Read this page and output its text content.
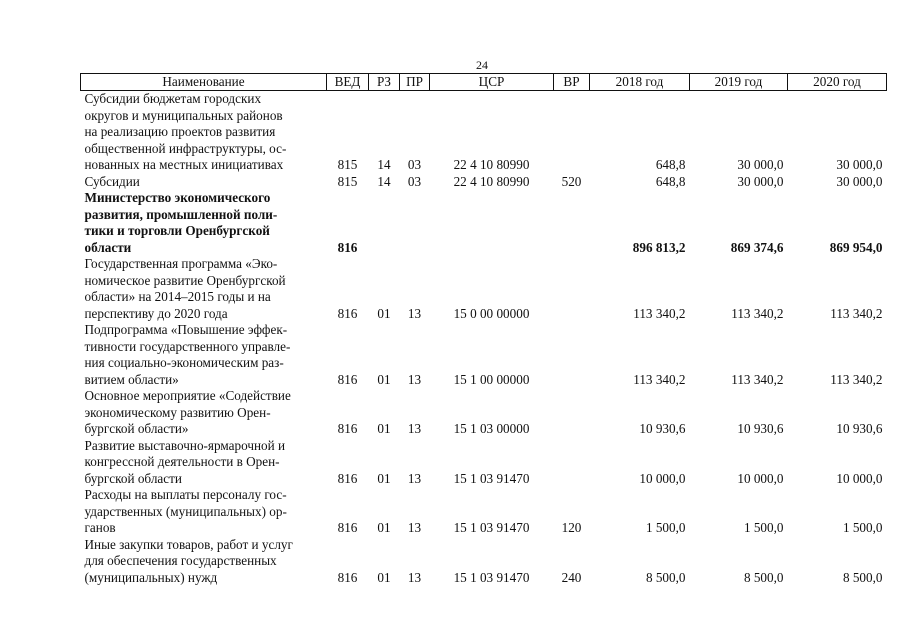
24
Наименование	ВЕД	РЗ	ПР	ЦСР	ВР	2018 год	2019 год	2020 год
Субсидии бюджетам городских
округов и муниципальных районов
на реализацию проектов развития
общественной инфраструктуры, ос-
нованных на местных инициативах	815	14	03	22 4 10 80990		648,8	30 000,0	30 000,0
Субсидии	815	14	03	22 4 10 80990	520	648,8	30 000,0	30 000,0
Министерство экономического
развития, промышленной поли-
тики и торговли Оренбургской
области	816					896 813,2	869 374,6	869 954,0
Государственная программа «Эко-
номическое развитие Оренбургской
области» на 2014–2015 годы и на
перспективу до 2020 года	816	01	13	15 0 00 00000		113 340,2	113 340,2	113 340,2
Подпрограмма «Повышение эффек-
тивности государственного управле-
ния социально-экономическим раз-
витием области»	816	01	13	15 1 00 00000		113 340,2	113 340,2	113 340,2
Основное мероприятие «Содействие
экономическому развитию Орен-
бургской области»	816	01	13	15 1 03 00000		10 930,6	10 930,6	10 930,6
Развитие выставочно-ярмарочной и
конгрессной деятельности в Орен-
бургской области	816	01	13	15 1 03 91470		10 000,0	10 000,0	10 000,0
Расходы на выплаты персоналу гос-
ударственных (муниципальных) ор-
ганов	816	01	13	15 1 03 91470	120	1 500,0	1 500,0	1 500,0
Иные закупки товаров, работ и услуг
для обеспечения государственных
(муниципальных) нужд	816	01	13	15 1 03 91470	240	8 500,0	8 500,0	8 500,0
